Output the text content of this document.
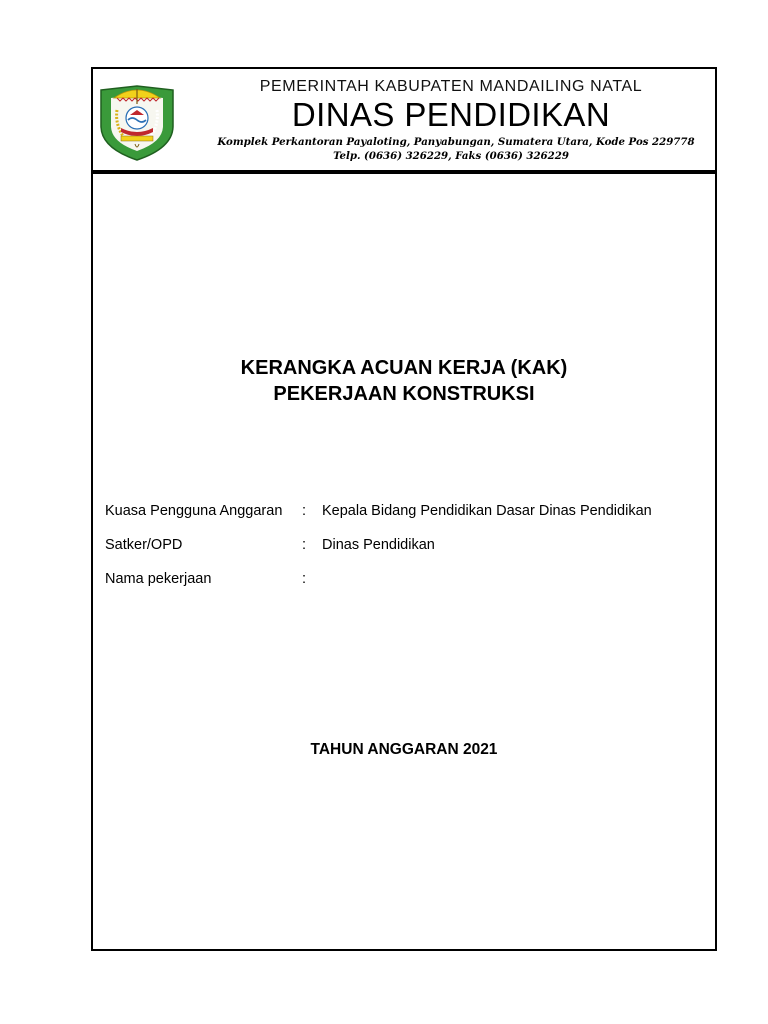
PEMERINTAH KABUPATEN MANDAILING NATAL
DINAS PENDIDIKAN
Komplek Perkantoran Payaloting, Panyabungan, Sumatera Utara, Kode Pos 229778
Telp. (0636) 326229, Faks (0636) 326229
KERANGKA ACUAN KERJA (KAK)
PEKERJAAN KONSTRUKSI
Kuasa Pengguna Anggaran : Kepala Bidang Pendidikan Dasar Dinas Pendidikan
Satker/OPD	: Dinas Pendidikan
Nama pekerjaan	:
TAHUN ANGGARAN 2021
